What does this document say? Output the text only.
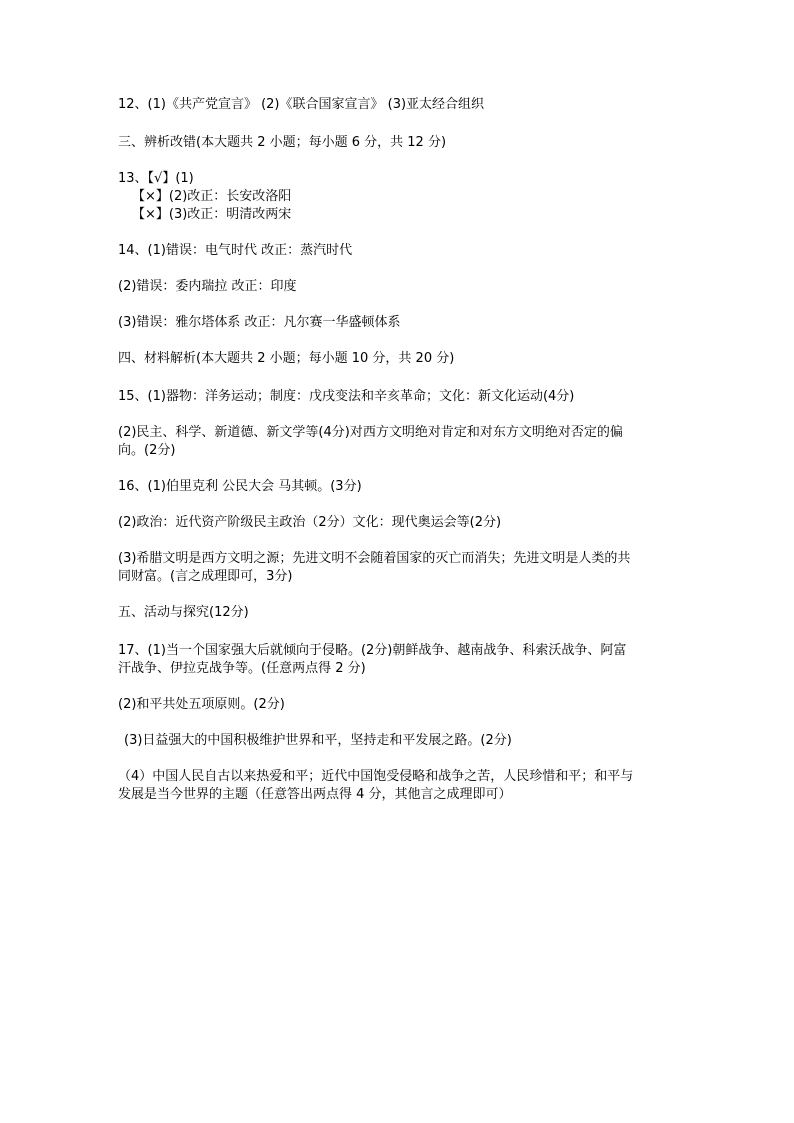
12、(1)《共产党宣言》 (2)《联合国家宣言》 (3)亚太经合组织
三、辨析改错(本大题共 2 小题；每小题 6 分，共 12 分)
13、【√】(1)
【×】(2)改正：长安改洛阳
【×】(3)改正：明清改两宋
14、(1)错误：电气时代 改正：蒸汽时代
(2)错误：委内瑞拉 改正：印度
(3)错误：雅尔塔体系 改正：凡尔赛一华盛顿体系
四、材料解析(本大题共 2 小题；每小题 10 分，共 20 分)
15、(1)器物：洋务运动；制度：戊戌变法和辛亥革命；文化：新文化运动(4分)
(2)民主、科学、新道德、新文学等(4分)对西方文明绝对肯定和对东方文明绝对否定的偏
向。(2分)
16、(1)伯里克利 公民大会 马其顿。(3分)
(2)政治：近代资产阶级民主政治（2分）文化：现代奥运会等(2分)
(3)希腊文明是西方文明之源；先进文明不会随着国家的灭亡而消失；先进文明是人类的共
同财富。(言之成理即可，3分)
五、活动与探究(12分)
17、(1)当一个国家强大后就倾向于侵略。(2分)朝鲜战争、越南战争、科索沃战争、阿富
汗战争、伊拉克战争等。(任意两点得 2 分)
(2)和平共处五项原则。(2分)
(3)日益强大的中国积极维护世界和平，坚持走和平发展之路。(2分)
（4）中国人民自古以来热爱和平；近代中国饱受侵略和战争之苦，人民珍惜和平；和平与
发展是当今世界的主题（任意答出两点得 4 分，其他言之成理即可）
